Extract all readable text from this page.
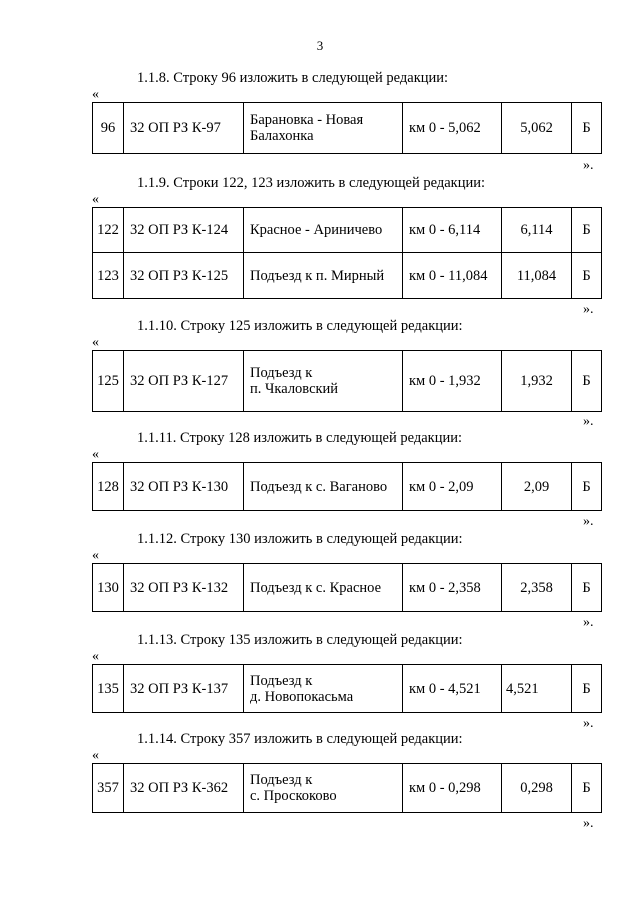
3
1.1.8. Строку 96 изложить в следующей редакции:
«
96	32 ОП РЗ К-97	Барановка - Новая
Балахонка	км 0 - 5,062	5,062	Б
».
1.1.9. Строки 122, 123 изложить в следующей редакции:
«
122	32 ОП РЗ К-124	Красное - Ариничево	км 0 - 6,114	6,114	Б
123	32 ОП РЗ К-125	Подъезд к п. Мирный	км 0 - 11,084	11,084	Б
».
1.1.10. Строку 125 изложить в следующей редакции:
«
125	32 ОП РЗ К-127	Подъезд к
п. Чкаловский	км 0 - 1,932	1,932	Б
».
1.1.11. Строку 128 изложить в следующей редакции:
«
128	32 ОП РЗ К-130	Подъезд к с. Ваганово	км 0 - 2,09	2,09	Б
».
1.1.12. Строку 130 изложить в следующей редакции:
«
130	32 ОП РЗ К-132	Подъезд к с. Красное	км 0 - 2,358	2,358	Б
».
1.1.13. Строку 135 изложить в следующей редакции:
«
135	32 ОП РЗ К-137	Подъезд к
д. Новопокасьма	км 0 - 4,521	4,521	Б
».
1.1.14. Строку 357 изложить в следующей редакции:
«
357	32 ОП РЗ К-362	Подъезд к
с. Проскоково	км 0 - 0,298	0,298	Б
».
